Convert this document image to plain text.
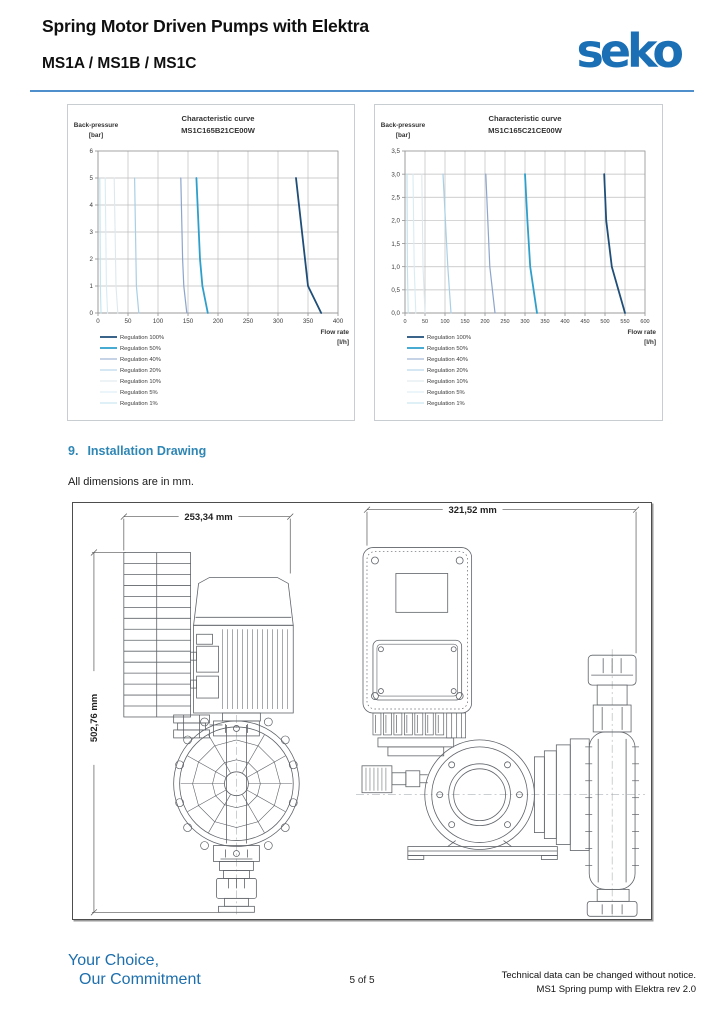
Spring Motor Driven Pumps with Elektra
MS1A / MS1B / MS1C	seko
Characteristic curve
MS1C165B21CE00W
Back-pressure
[bar]
0	50	100	150	200	250	300	350	400
6
5
4
3
2
1
0
Flow rate
[l/h]
Regulation 100%
Regulation 50%
Regulation 40%
Regulation 20%
Regulation 10%
Regulation 5%
Regulation 1%
Characteristic curve
MS1C165C21CE00W
Back-pressure
[bar]
0	50 100 150 200 250 300 350 400 450 500 550 600
3,5
3,0
2,5
2,0
1,5
1,0
0,5
0,0
Flow rate
[l/h]
Regulation 100%
Regulation 50%
Regulation 40%
Regulation 20%
Regulation 10%
Regulation 5%
Regulation 1%
9. Installation Drawing
All dimensions are in mm.
253,34 mm
321,52 mm
502,76 mm
Your Choice,
Our Commitment	5 of 5	Technical data can be changed without notice.
MS1 Spring pump with Elektra rev 2.0
